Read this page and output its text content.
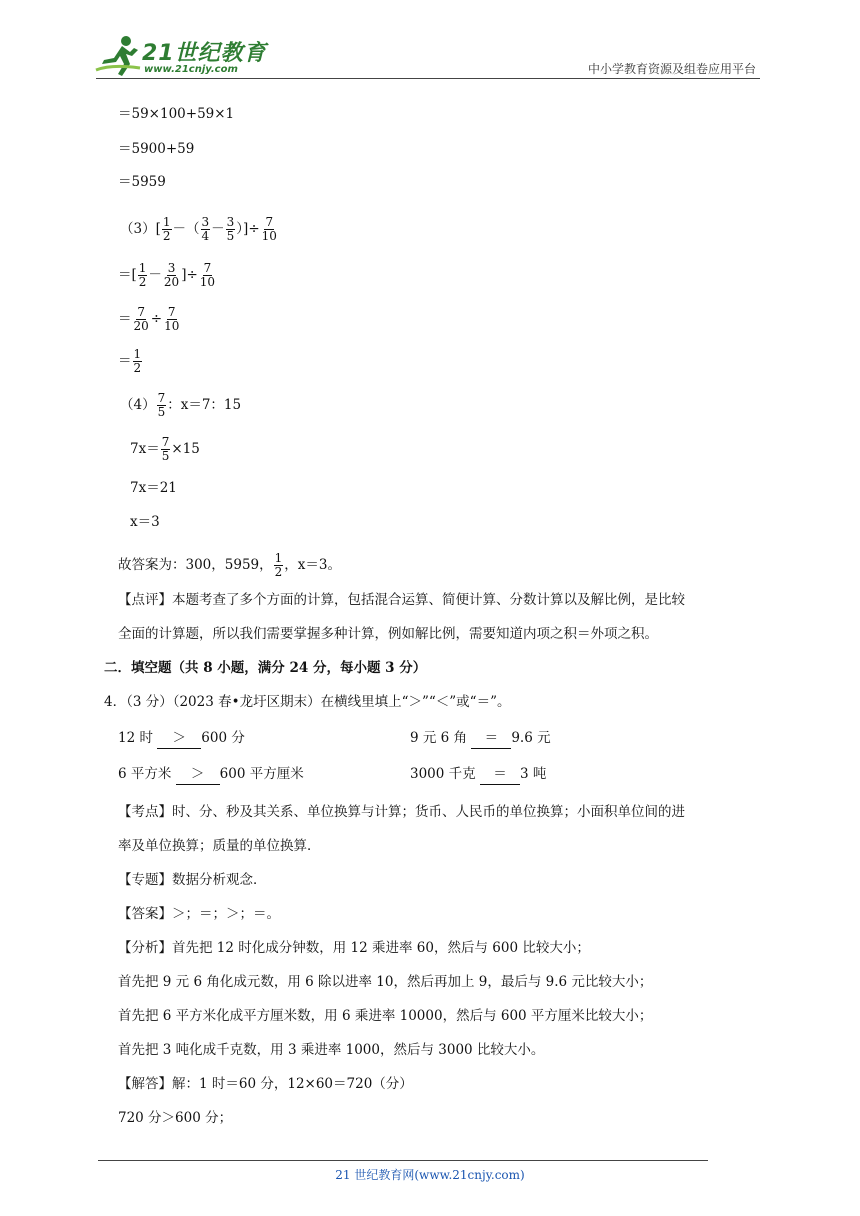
21世纪教育
www.21cnjy.com	中小学教育资源及组卷应用平台
＝59×100+59×1
＝5900+59
＝5959
$(3)[ \frac{1}{2}$ －（ $\frac{3}{4} - \frac{3}{5}$ ）]÷ $\frac{7}{10}$
＝[ $\frac{1}{2} - \frac{3}{20}$ ]÷ $\frac{7}{10}$
＝ $\frac{7}{20} \div \frac{7}{10}$
＝ $\frac{1}{2}$
$(4) \frac{7}{5}$ ：x＝7：15
$7x= \frac{7}{5} \times 15$
7x＝21
x＝3
故答案为：300，5959， $\frac{1}{2}$ ，x＝3。
【点评】本题考查了多个方面的计算，包括混合运算、简便计算、分数计算以及解比例，是比较
全面的计算题，所以我们需要掌握多种计算，例如解比例，需要知道内项之积＝外项之积。
二．填空题（共 8 小题，满分 24 分，每小题 3 分）
4．（3 分）（2023 春•龙圩区期末）在横线里填上“＞”“＜”或“＝”。
12 时 ＞ 600 分	9 元 6 角 ＝ 9.6 元
6 平方米 ＞ 600 平方厘米	3000 千克 ＝ 3 吨
【考点】时、分、秒及其关系、单位换算与计算；货币、人民币的单位换算；小面积单位间的进
率及单位换算；质量的单位换算．
【专题】数据分析观念．
【答案】＞；＝；＞；＝。
【分析】首先把 12 时化成分钟数，用 12 乘进率 60，然后与 600 比较大小；
首先把 9 元 6 角化成元数，用 6 除以进率 10，然后再加上 9，最后与 9.6 元比较大小；
首先把 6 平方米化成平方厘米数，用 6 乘进率 10000，然后与 600 平方厘米比较大小；
首先把 3 吨化成千克数，用 3 乘进率 1000，然后与 3000 比较大小。
【解答】解：1 时＝60 分，12×60＝720（分）
720 分＞600 分；
21 世纪教育网(www.21cnjy.com)
